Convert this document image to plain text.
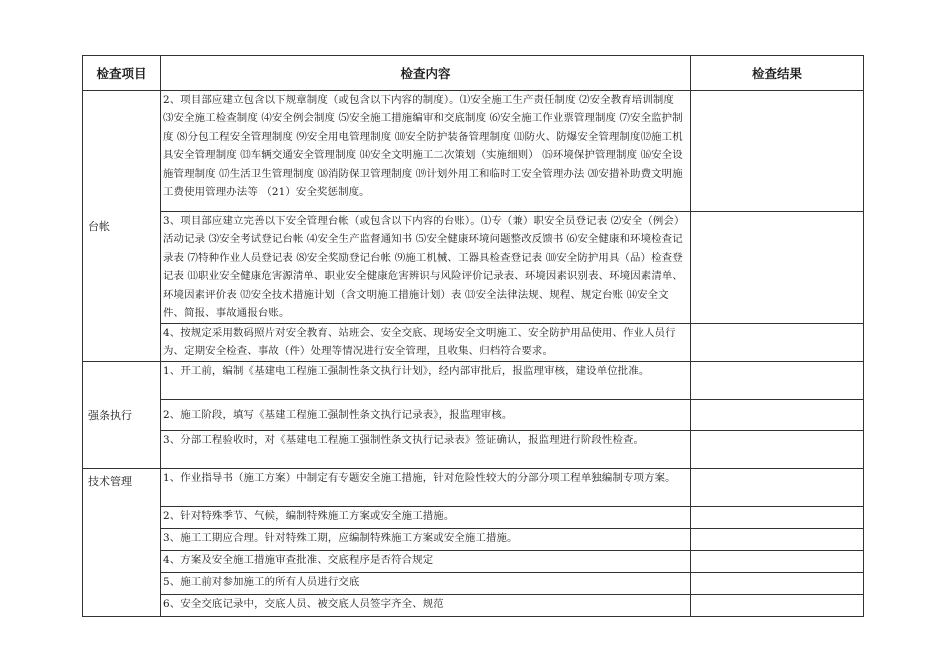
检查项目	检查内容	检查结果
台帐	2、项目部应建立包含以下规章制度（或包含以下内容的制度）。⑴安全施工生产责任制度 ⑵安全教育培训制度 ⑶安全施工检查制度 ⑷安全例会制度 ⑸安全施工措施编审和交底制度 ⑹安全施工作业票管理制度 ⑺安全监护制度 ⑻分包工程安全管理制度 ⑼安全用电管理制度 ⑽安全防护装备管理制度 ⑾防火、防爆安全管理制度⑿施工机具安全管理制度 ⒀车辆交通安全管理制度 ⒁安全文明施工二次策划（实施细则） ⒂环境保护管理制度 ⒃安全设施管理制度 ⒄生活卫生管理制度 ⒅消防保卫管理制度 ⒆计划外用工和临时工安全管理办法 ⒇安措补助费文明施工费使用管理办法等 （21）安全奖惩制度。	

	3、项目部应建立完善以下安全管理台帐（或包含以下内容的台账）。⑴专（兼）职安全员登记表 ⑵安全（例会）活动记录 ⑶安全考试登记台帐 ⑷安全生产监督通知书 ⑸安全健康环境问题整改反馈书 ⑹安全健康和环境检查记录表 ⑺特种作业人员登记表 ⑻安全奖励登记台帐 ⑼施工机械、工器具检查登记表 ⑽安全防护用具（品）检查登记表 ⑾职业安全健康危害源清单、职业安全健康危害辨识与风险评价记录表、环境因素识别表、环境因素清单、环境因素评价表 ⑿安全技术措施计划（含文明施工措施计划）表 ⒀安全法律法规、规程、规定台账 ⒁安全文件、简报、事故通报台账。	

	4、按规定采用数码照片对安全教育、站班会、安全交底、现场安全文明施工、安全防护用品使用、作业人员行为、定期安全检查、事故（件）处理等情况进行安全管理，且收集、归档符合要求。	
强条执行	1、开工前，编制《基建电工程施工强制性条文执行计划》，经内部审批后，报监理审核，建设单位批准。	
	2、施工阶段，填写《基建工程施工强制性条文执行记录表》，报监理审核。	
	3、分部工程验收时，对《基建电工程施工强制性条文执行记录表》签证确认，报监理进行阶段性检查。	
技术管理	1、作业指导书（施工方案）中制定有专题安全施工措施，针对危险性较大的分部分项工程单独编制专项方案。	
	2、针对特殊季节、气候，编制特殊施工方案或安全施工措施。	
	3、施工工期应合理。针对特殊工期，应编制特殊施工方案或安全施工措施。	
	4、方案及安全施工措施审查批准、交底程序是否符合规定	
	5、施工前对参加施工的所有人员进行交底	
	6、安全交底记录中，交底人员、被交底人员签字齐全、规范	
